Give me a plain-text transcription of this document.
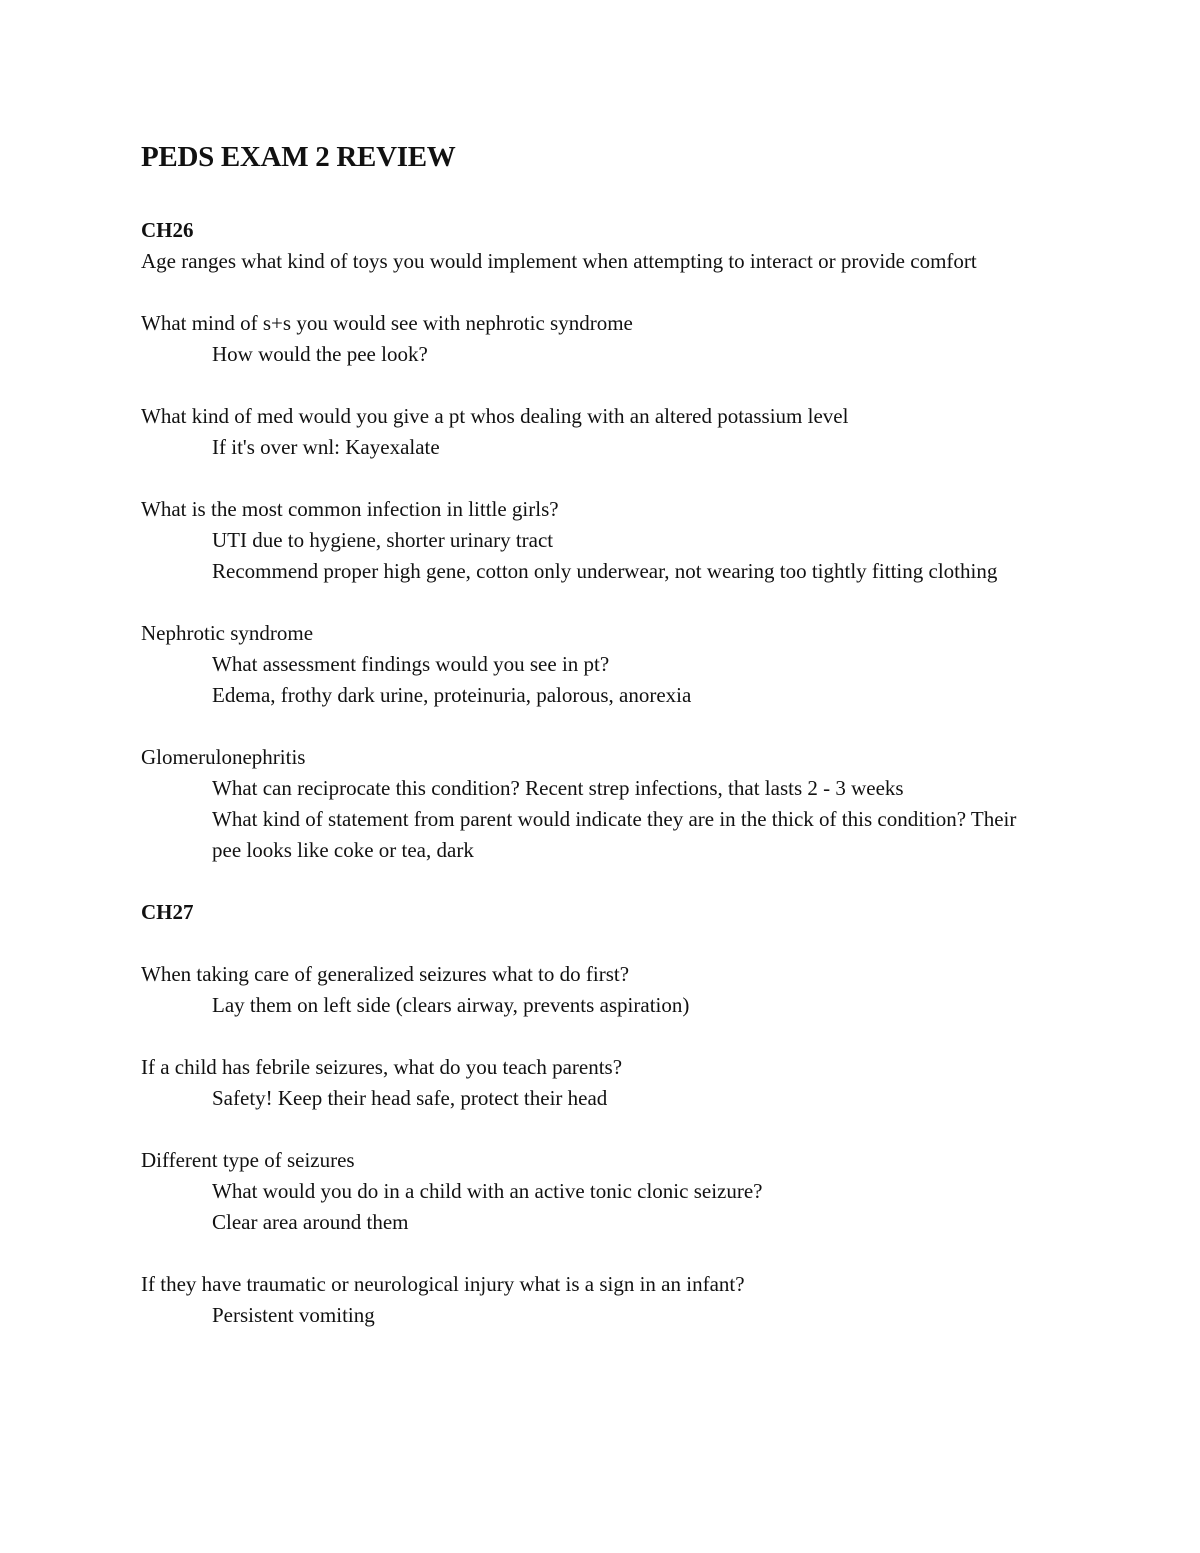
PEDS EXAM 2 REVIEW

CH26

Age ranges what kind of toys you would implement when attempting to interact or provide comfort

What mind of s+s you would see with nephrotic syndrome

How would the pee look?

What kind of med would you give a pt whos dealing with an altered potassium level

If it's over wnl: Kayexalate

What is the most common infection in little girls?

UTI due to hygiene, shorter urinary tract

Recommend proper high gene, cotton only underwear, not wearing too tightly fitting clothing

Nephrotic syndrome

What assessment findings would you see in pt?

Edema, frothy dark urine, proteinuria, palorous, anorexia

Glomerulonephritis

What can reciprocate this condition? Recent strep infections, that lasts 2 - 3 weeks

What kind of statement from parent would indicate they are in the thick of this condition? Their pee looks like coke or tea, dark

CH27

When taking care of generalized seizures what to do first?

Lay them on left side (clears airway, prevents aspiration)

If a child has febrile seizures, what do you teach parents?

Safety! Keep their head safe, protect their head

Different type of seizures

What would you do in a child with an active tonic clonic seizure?

Clear area around them

If they have traumatic or neurological injury what is a sign in an infant?

Persistent vomiting
